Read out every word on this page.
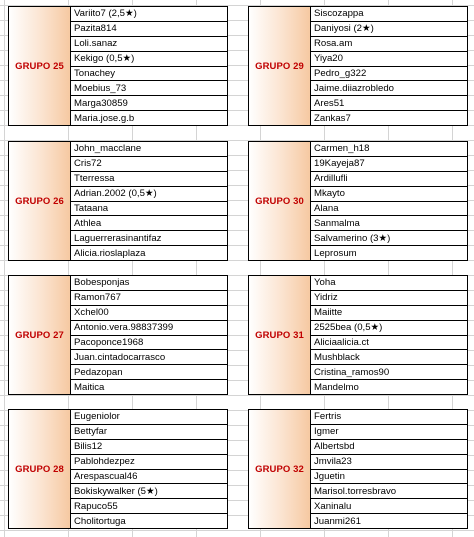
GRUPO 25
Variito7 (2,5★)
Pazita814
Loli.sanaz
Kekigo (0,5★)
Tonachey
Moebius_73
Marga30859
Maria.jose.g.b
GRUPO 29
Siscozappa
Daniyosi (2★)
Rosa.am
Yiya20
Pedro_g322
Jaime.diiazrobledo
Ares51
Zankas7
GRUPO 26
John_macclane
Cris72
Tterressa
Adrian.2002 (0,5★)
Tataana
Athlea
Laguerrerasinantifaz
Alicia.rioslaplaza
GRUPO 30
Carmen_h18
19Kayeja87
Ardillufli
Mkayto
Alana
Sanmalma
Salvamerino (3★)
Leprosum
GRUPO 27
Bobesponjas
Ramon767
Xchel00
Antonio.vera.98837399
Pacoponce1968
Juan.cintadocarrasco
Pedazopan
Maitica
GRUPO 31
Yoha
Yidriz
Maiitte
2525bea (0,5★)
Aliciaalicia.ct
Mushblack
Cristina_ramos90
Mandelmo
GRUPO 28
Eugeniolor
Bettyfar
Bilis12
Pablohdezpez
Arespascual46
Bokiskywalker (5★)
Rapuco55
Cholitortuga
GRUPO 32
Fertris
Igmer
Albertsbd
Jmvila23
Jguetin
Marisol.torresbravo
Xaninalu
Juanmi261
